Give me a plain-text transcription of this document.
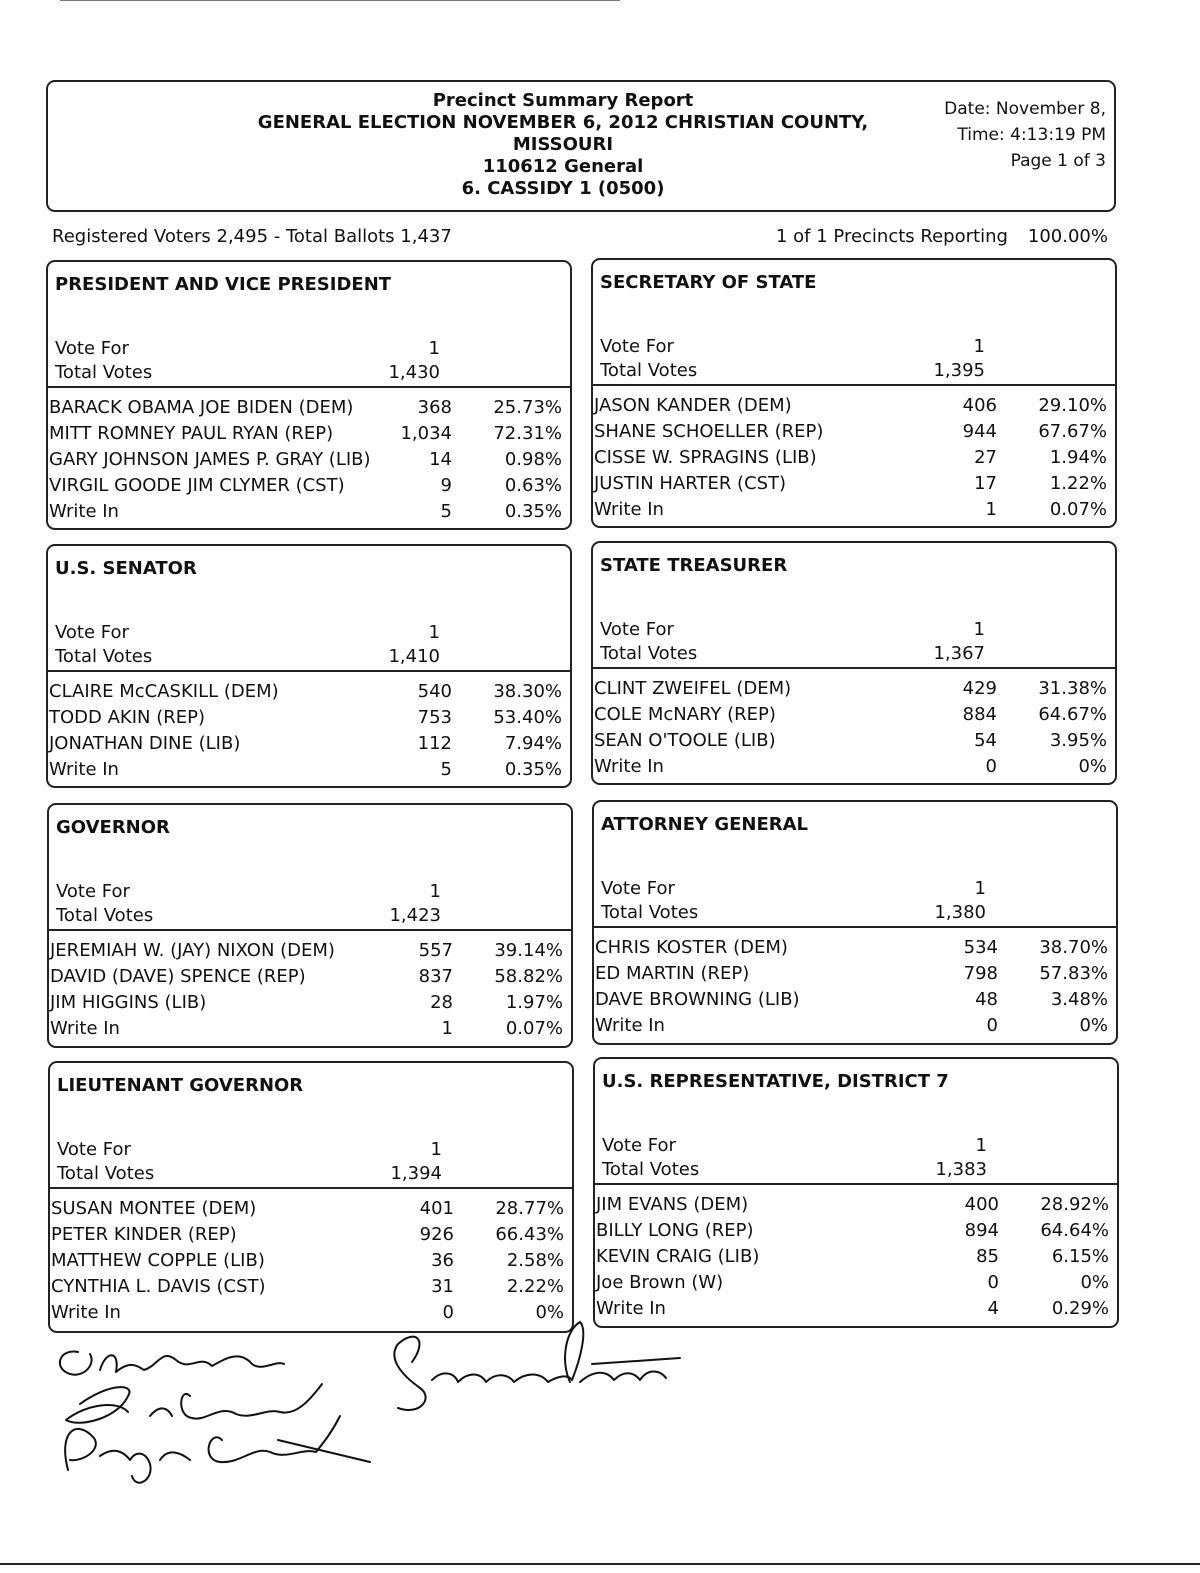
Precinct Summary Report
GENERAL ELECTION NOVEMBER 6, 2012 CHRISTIAN COUNTY,
MISSOURI
110612 General
6. CASSIDY 1 (0500)
Date: November 8,
Time: 4:13:19 PM
Page 1 of 3
Registered Voters 2,495 - Total Ballots 1,437	1 of 1 Precincts Reporting 100.00%
PRESIDENT AND VICE PRESIDENT
Vote For	1
Total Votes	1,430
BARACK OBAMA JOE BIDEN (DEM)	368	25.73%
MITT ROMNEY PAUL RYAN (REP)	1,034	72.31%
GARY JOHNSON JAMES P. GRAY (LIB)	14	0.98%
VIRGIL GOODE JIM CLYMER (CST)	9	0.63%
Write In	5	0.35%
SECRETARY OF STATE
Vote For	1
Total Votes	1,395
JASON KANDER (DEM)	406	29.10%
SHANE SCHOELLER (REP)	944	67.67%
CISSE W. SPRAGINS (LIB)	27	1.94%
JUSTIN HARTER (CST)	17	1.22%
Write In	1	0.07%
U.S. SENATOR
Vote For	1
Total Votes	1,410
CLAIRE McCASKILL (DEM)	540	38.30%
TODD AKIN (REP)	753	53.40%
JONATHAN DINE (LIB)	112	7.94%
Write In	5	0.35%
STATE TREASURER
Vote For	1
Total Votes	1,367
CLINT ZWEIFEL (DEM)	429	31.38%
COLE McNARY (REP)	884	64.67%
SEAN O'TOOLE (LIB)	54	3.95%
Write In	0	0%
GOVERNOR
Vote For	1
Total Votes	1,423
JEREMIAH W. (JAY) NIXON (DEM)	557	39.14%
DAVID (DAVE) SPENCE (REP)	837	58.82%
JIM HIGGINS (LIB)	28	1.97%
Write In	1	0.07%
ATTORNEY GENERAL
Vote For	1
Total Votes	1,380
CHRIS KOSTER (DEM)	534	38.70%
ED MARTIN (REP)	798	57.83%
DAVE BROWNING (LIB)	48	3.48%
Write In	0	0%
LIEUTENANT GOVERNOR
Vote For	1
Total Votes	1,394
SUSAN MONTEE (DEM)	401	28.77%
PETER KINDER (REP)	926	66.43%
MATTHEW COPPLE (LIB)	36	2.58%
CYNTHIA L. DAVIS (CST)	31	2.22%
Write In	0	0%
U.S. REPRESENTATIVE, DISTRICT 7
Vote For	1
Total Votes	1,383
JIM EVANS (DEM)	400	28.92%
BILLY LONG (REP)	894	64.64%
KEVIN CRAIG (LIB)	85	6.15%
Joe Brown (W)	0	0%
Write In	4	0.29%
